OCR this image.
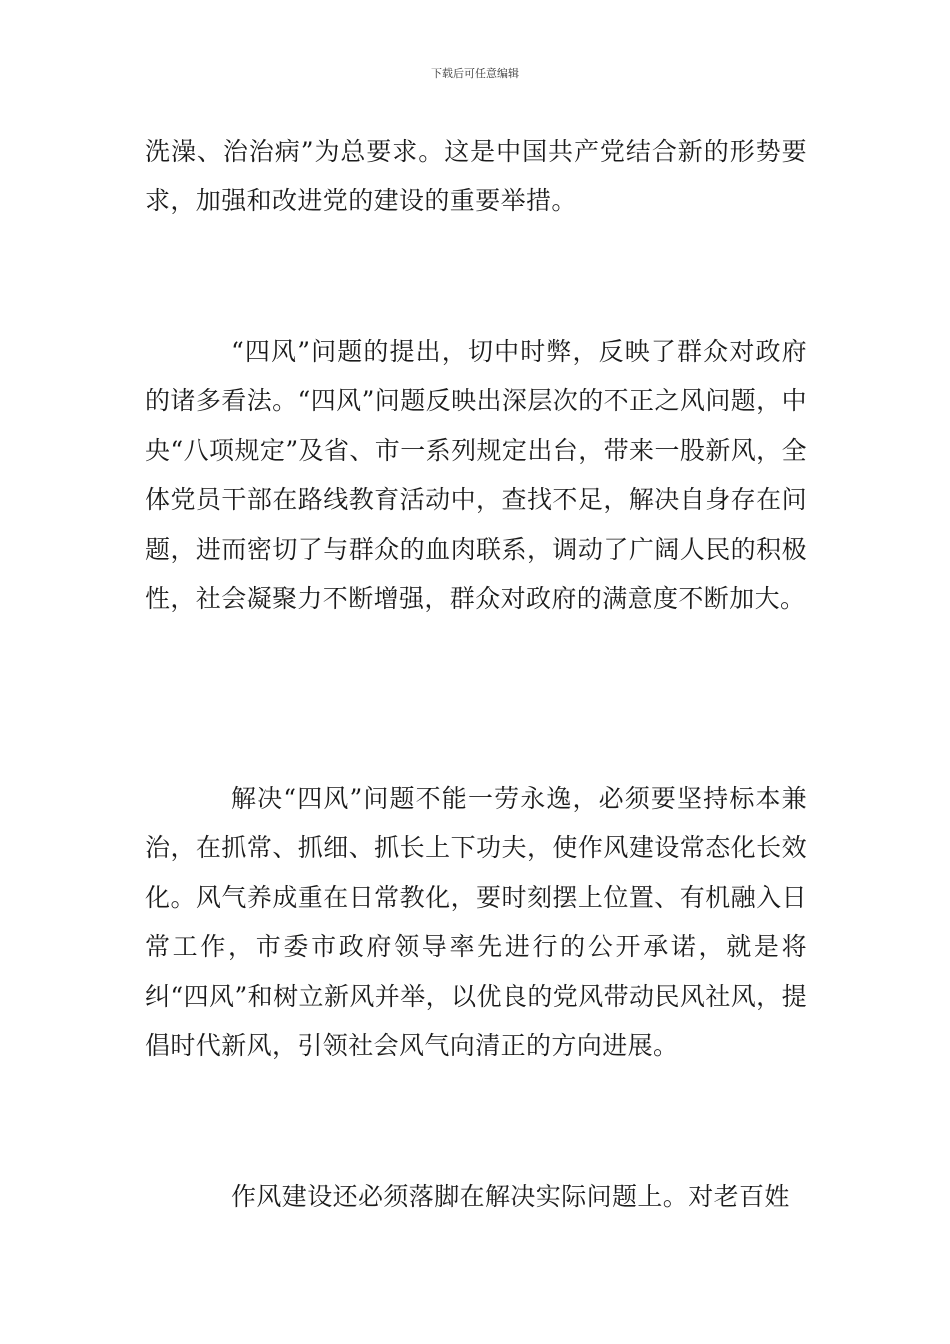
下载后可任意编辑

洗澡、治治病”为总要求。这是中国共产党结合新的形势要求，加强和改进党的建设的重要举措。

“四风”问题的提出，切中时弊，反映了群众对政府的诸多看法。“四风”问题反映出深层次的不正之风问题，中央“八项规定”及省、市一系列规定出台，带来一股新风，全体党员干部在路线教育活动中，查找不足，解决自身存在问题，进而密切了与群众的血肉联系，调动了广阔人民的积极性，社会凝聚力不断增强，群众对政府的满意度不断加大。

解决“四风”问题不能一劳永逸，必须要坚持标本兼治，在抓常、抓细、抓长上下功夫，使作风建设常态化长效化。风气养成重在日常教化，要时刻摆上位置、有机融入日常工作，市委市政府领导率先进行的公开承诺，就是将纠“四风”和树立新风并举，以优良的党风带动民风社风，提倡时代新风，引领社会风气向清正的方向进展。

作风建设还必须落脚在解决实际问题上。对老百姓
